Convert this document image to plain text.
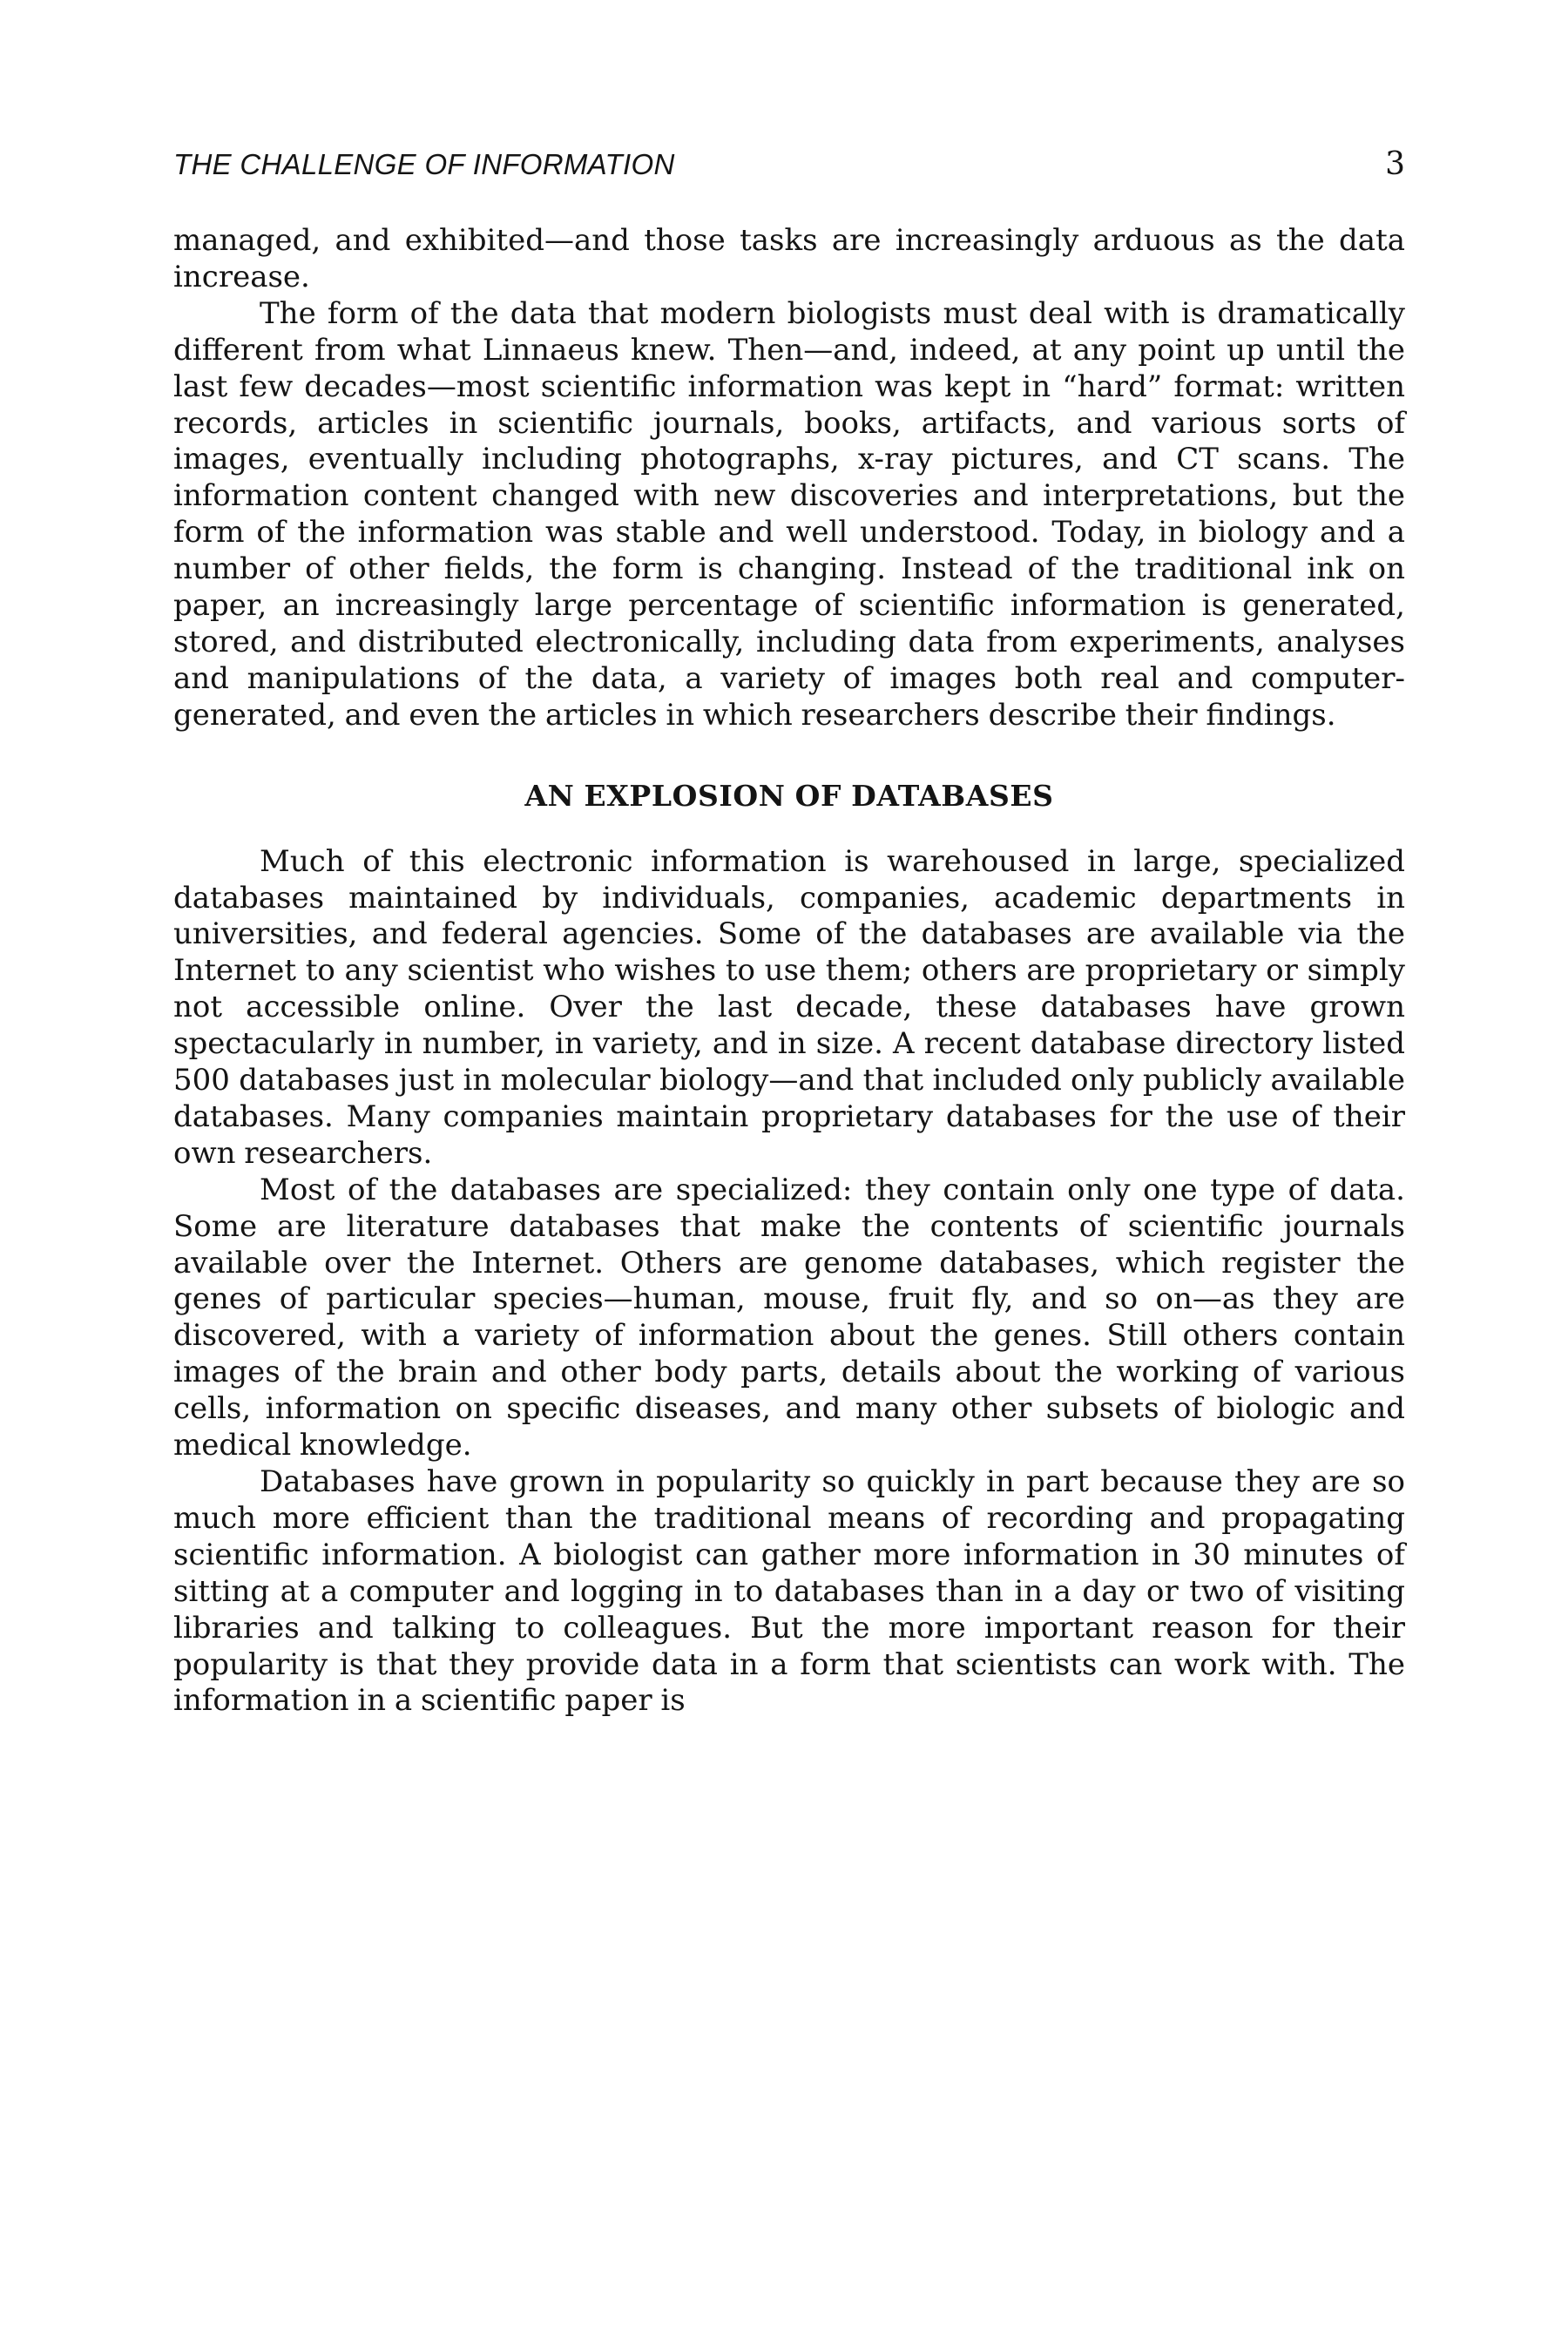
THE CHALLENGE OF INFORMATION	3

managed, and exhibited—and those tasks are increasingly arduous as the data increase.

The form of the data that modern biologists must deal with is dramatically different from what Linnaeus knew. Then—and, indeed, at any point up until the last few decades—most scientific information was kept in “hard” format: written records, articles in scientific journals, books, artifacts, and various sorts of images, eventually including photographs, x-ray pictures, and CT scans. The information content changed with new discoveries and interpretations, but the form of the information was stable and well understood. Today, in biology and a number of other fields, the form is changing. Instead of the traditional ink on paper, an increasingly large percentage of scientific information is generated, stored, and distributed electronically, including data from experiments, analyses and manipulations of the data, a variety of images both real and computer-generated, and even the articles in which researchers describe their findings.

AN EXPLOSION OF DATABASES

Much of this electronic information is warehoused in large, specialized databases maintained by individuals, companies, academic departments in universities, and federal agencies. Some of the databases are available via the Internet to any scientist who wishes to use them; others are proprietary or simply not accessible online. Over the last decade, these databases have grown spectacularly in number, in variety, and in size. A recent database directory listed 500 databases just in molecular biology—and that included only publicly available databases. Many companies maintain proprietary databases for the use of their own researchers.

Most of the databases are specialized: they contain only one type of data. Some are literature databases that make the contents of scientific journals available over the Internet. Others are genome databases, which register the genes of particular species—human, mouse, fruit fly, and so on—as they are discovered, with a variety of information about the genes. Still others contain images of the brain and other body parts, details about the working of various cells, information on specific diseases, and many other subsets of biologic and medical knowledge.

Databases have grown in popularity so quickly in part because they are so much more efficient than the traditional means of recording and propagating scientific information. A biologist can gather more information in 30 minutes of sitting at a computer and logging in to databases than in a day or two of visiting libraries and talking to colleagues. But the more important reason for their popularity is that they provide data in a form that scientists can work with. The information in a scientific paper is
